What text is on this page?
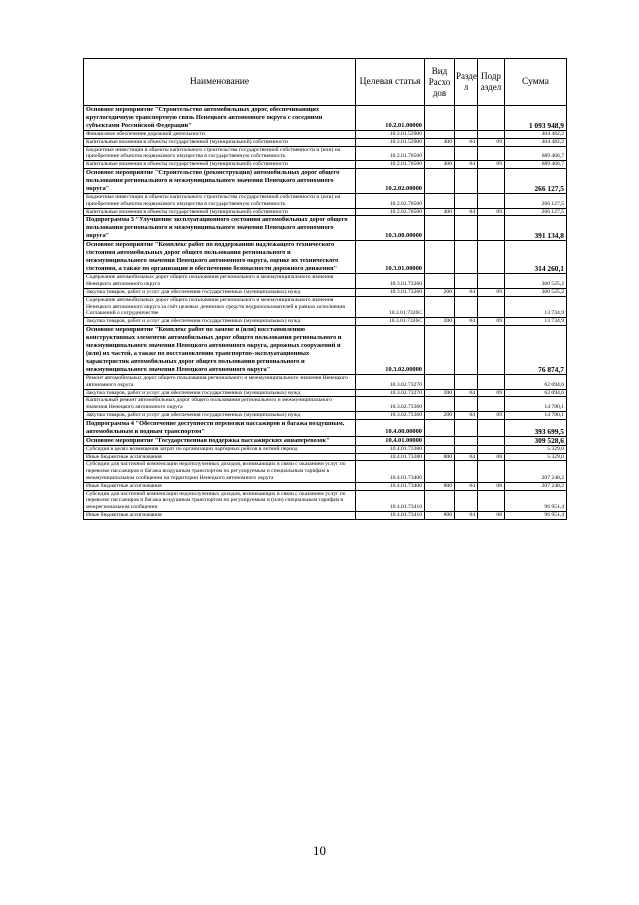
Наименование	Целевая статья	Вид Расхо дов	Разде л	Подр аздел	Сумма
Основное мероприятие "Строительство автомобильных дорог, обеспечивающих круглогодичную транспортную связь Ненецкого автономного округа с соседними субъектами Российской Федерации"	10.2.01.00000				1 093 948,9
Финансовое обеспечение дорожной деятельности	10.2.01.53900				404 482,2
Капитальные вложения в объекты государственной (муниципальной) собственности	10.2.01.53900	400	04	09	404 482,2
Бюджетные инвестиции в объекты капитального строительства государственной собственности и (или) на приобретение объектов недвижимого имущества в государственную собственность	10.2.01.70500				689 466,7
Капитальные вложения в объекты государственной (муниципальной) собственности	10.2.01.70500	400	04	09	689 466,7
Основное мероприятие "Строительство (реконструкция) автомобильных дорог общего пользования регионального и межмуниципального значения Ненецкого автономного округа"	10.2.02.00000				266 127,5
Бюджетные инвестиции в объекты капитального строительства государственной собственности и (или) на приобретение объектов недвижимого имущества в государственную собственность	10.2.02.70500				266 127,5
Капитальные вложения в объекты государственной (муниципальной) собственности	10.2.02.70500	400	04	09	266 127,5
Подпрограмма 3 "Улучшение эксплуатационного состояния автомобильных дорог общего пользования регионального и межмуниципального значения Ненецкого автономного округа"	10.3.00.00000				391 134,8
Основное мероприятие "Комплекс работ по поддержанию надлежащего технического состояния автомобильных дорог общего пользования регионального и межмуниципального значения Ненецкого автономного округа, оценке их технического состояния, а также по организации и обеспечению безопасности дорожного движения"	10.3.01.00000				314 260,1
Содержание автомобильных дорог общего пользования регионального и межмуниципального значения Ненецкого автономного округа	10.3.01.73260				300 525,2
Закупка товаров, работ и услуг для обеспечения государственных (муниципальных) нужд	10.3.01.73260	200	04	09	300 525,2
Содержание автомобильных дорог общего пользования регионального и межмуниципального значения Ненецкого автономного округа за счёт целевых денежных средств недропользователей в рамках исполнения Соглашений о сотрудничестве	10.3.01.7326С				13 734,9
Закупка товаров, работ и услуг для обеспечения государственных (муниципальных) нужд	10.3.01.7326С	200	04	09	13 734,9
Основное мероприятие "Комплекс работ по замене и (или) восстановлению конструктивных элементов автомобильных дорог общего пользования регионального и межмуниципального значения Ненецкого автономного округа, дорожных сооружений и (или) их частей, а также по восстановлению транспортно-эксплуатационных характеристик автомобильных дорог общего пользования регионального и межмуниципального значения Ненецкого автономного округа"	10.3.02.00000				76 874,7
Ремонт автомобильных дорог общего пользования регионального и межмуниципального значения Ненецкого автономного округа	10.3.02.73270				62 094,6
Закупка товаров, работ и услуг для обеспечения государственных (муниципальных) нужд	10.3.02.73270	200	04	09	62 094,6
Капитальный ремонт автомобильных дорог общего пользования регионального и межмуниципального значения Ненецкого автономного округа	10.3.02.73360				14 780,1
Закупка товаров, работ и услуг для обеспечения государственных (муниципальных) нужд	10.3.02.73360	200	04	09	14 780,1
Подпрограмма 4 "Обеспечение доступности перевозки пассажиров и багажа воздушным, автомобильным и водным транспортом"	10.4.00.00000				393 699,5
Основное мероприятие "Государственная поддержка пассажирских авиаперевозок"	10.4.01.00000				309 528,6
Субсидия в целях возмещения затрат по организации чартерных рейсов в летний период	10.4.01.73380				5 329,0
Иные бюджетные ассигнования	10.4.01.73380	800	04	08	5 329,0
Субсидии для частичной компенсации недополученных доходов, возникающих в связи с оказанием услуг по перевозке пассажиров и багажа воздушным транспортом по регулируемым и специальным тарифам в межмуниципальном сообщении на территории Ненецкого автономного округа	10.4.01.73400				207 248,2
Иные бюджетные ассигнования	10.4.01.73400	800	04	08	207 248,2
Субсидии для частичной компенсации недополученных доходов, возникающих в связи с оказанием услуг по перевозке пассажиров и багажа воздушным транспортом по регулируемым и (или) специальным тарифам в межрегиональном сообщении	10.4.01.73410				96 951,4
Иные бюджетные ассигнования	10.4.01.73410	800	04	08	96 951,4
10
